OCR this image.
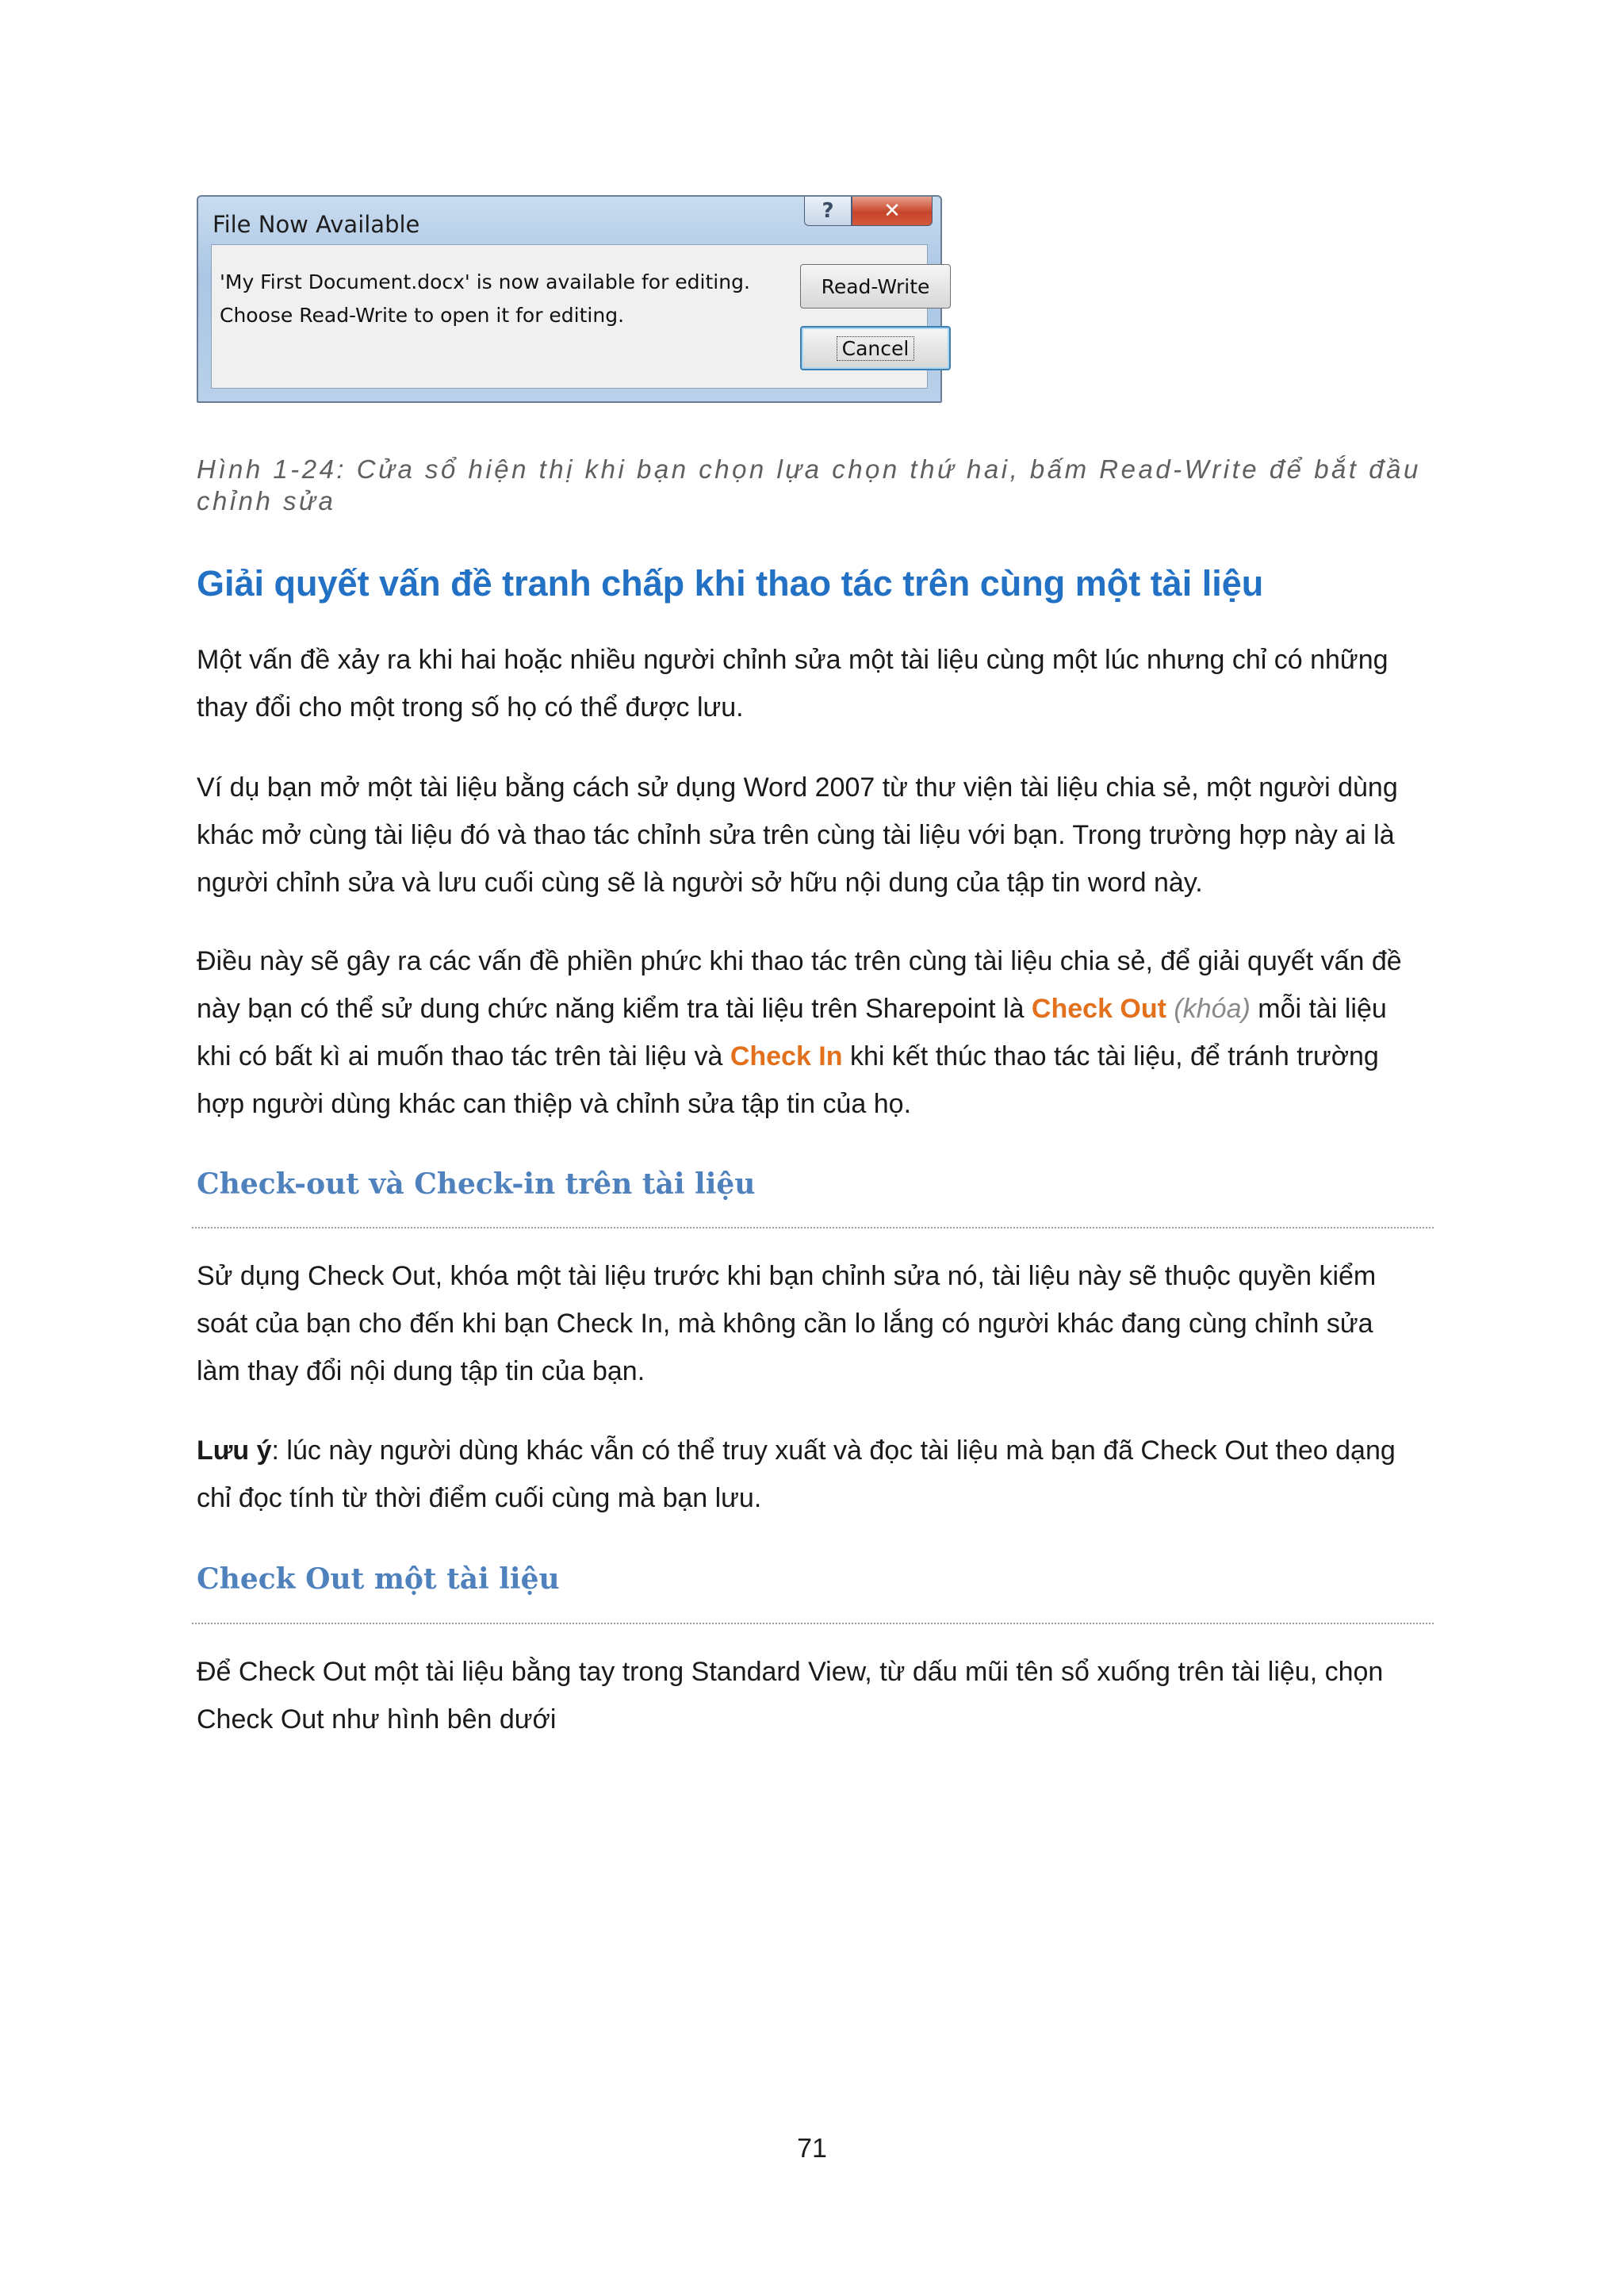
File Now Available	?	✕
'My First Document.docx' is now available for editing.
Choose Read-Write to open it for editing.
Read-Write
Cancel
Hình 1-24: Cửa sổ hiện thị khi bạn chọn lựa chọn thứ hai, bấm Read-Write để bắt đầu chỉnh sửa
Giải quyết vấn đề tranh chấp khi thao tác trên cùng một tài liệu
Một vấn đề xảy ra khi hai hoặc nhiều người chỉnh sửa một tài liệu cùng một lúc nhưng chỉ có những
thay đổi cho một trong số họ có thể được lưu.
Ví dụ bạn mở một tài liệu bằng cách sử dụng Word 2007 từ thư viện tài liệu chia sẻ, một người dùng
khác mở cùng tài liệu đó và thao tác chỉnh sửa trên cùng tài liệu với bạn. Trong trường hợp này ai là
người chỉnh sửa và lưu cuối cùng sẽ là người sở hữu nội dung của tập tin word này.
Điều này sẽ gây ra các vấn đề phiền phức khi thao tác trên cùng tài liệu chia sẻ, để giải quyết vấn đề
này bạn có thể sử dung chức năng kiểm tra tài liệu trên Sharepoint là Check Out (khóa) mỗi tài liệu
khi có bất kì ai muốn thao tác trên tài liệu và Check In khi kết thúc thao tác tài liệu, để tránh trường
hợp người dùng khác can thiệp và chỉnh sửa tập tin của họ.
Check-out và Check-in trên tài liệu
Sử dụng Check Out, khóa một tài liệu trước khi bạn chỉnh sửa nó, tài liệu này sẽ thuộc quyền kiểm
soát của bạn cho đến khi bạn Check In, mà không cần lo lắng có người khác đang cùng chỉnh sửa
làm thay đổi nội dung tập tin của bạn.
Lưu ý: lúc này người dùng khác vẫn có thể truy xuất và đọc tài liệu mà bạn đã Check Out theo dạng
chỉ đọc tính từ thời điểm cuối cùng mà bạn lưu.
Check Out một tài liệu
Để Check Out một tài liệu bằng tay trong Standard View, từ dấu mũi tên sổ xuống trên tài liệu, chọn
Check Out như hình bên dưới
71
